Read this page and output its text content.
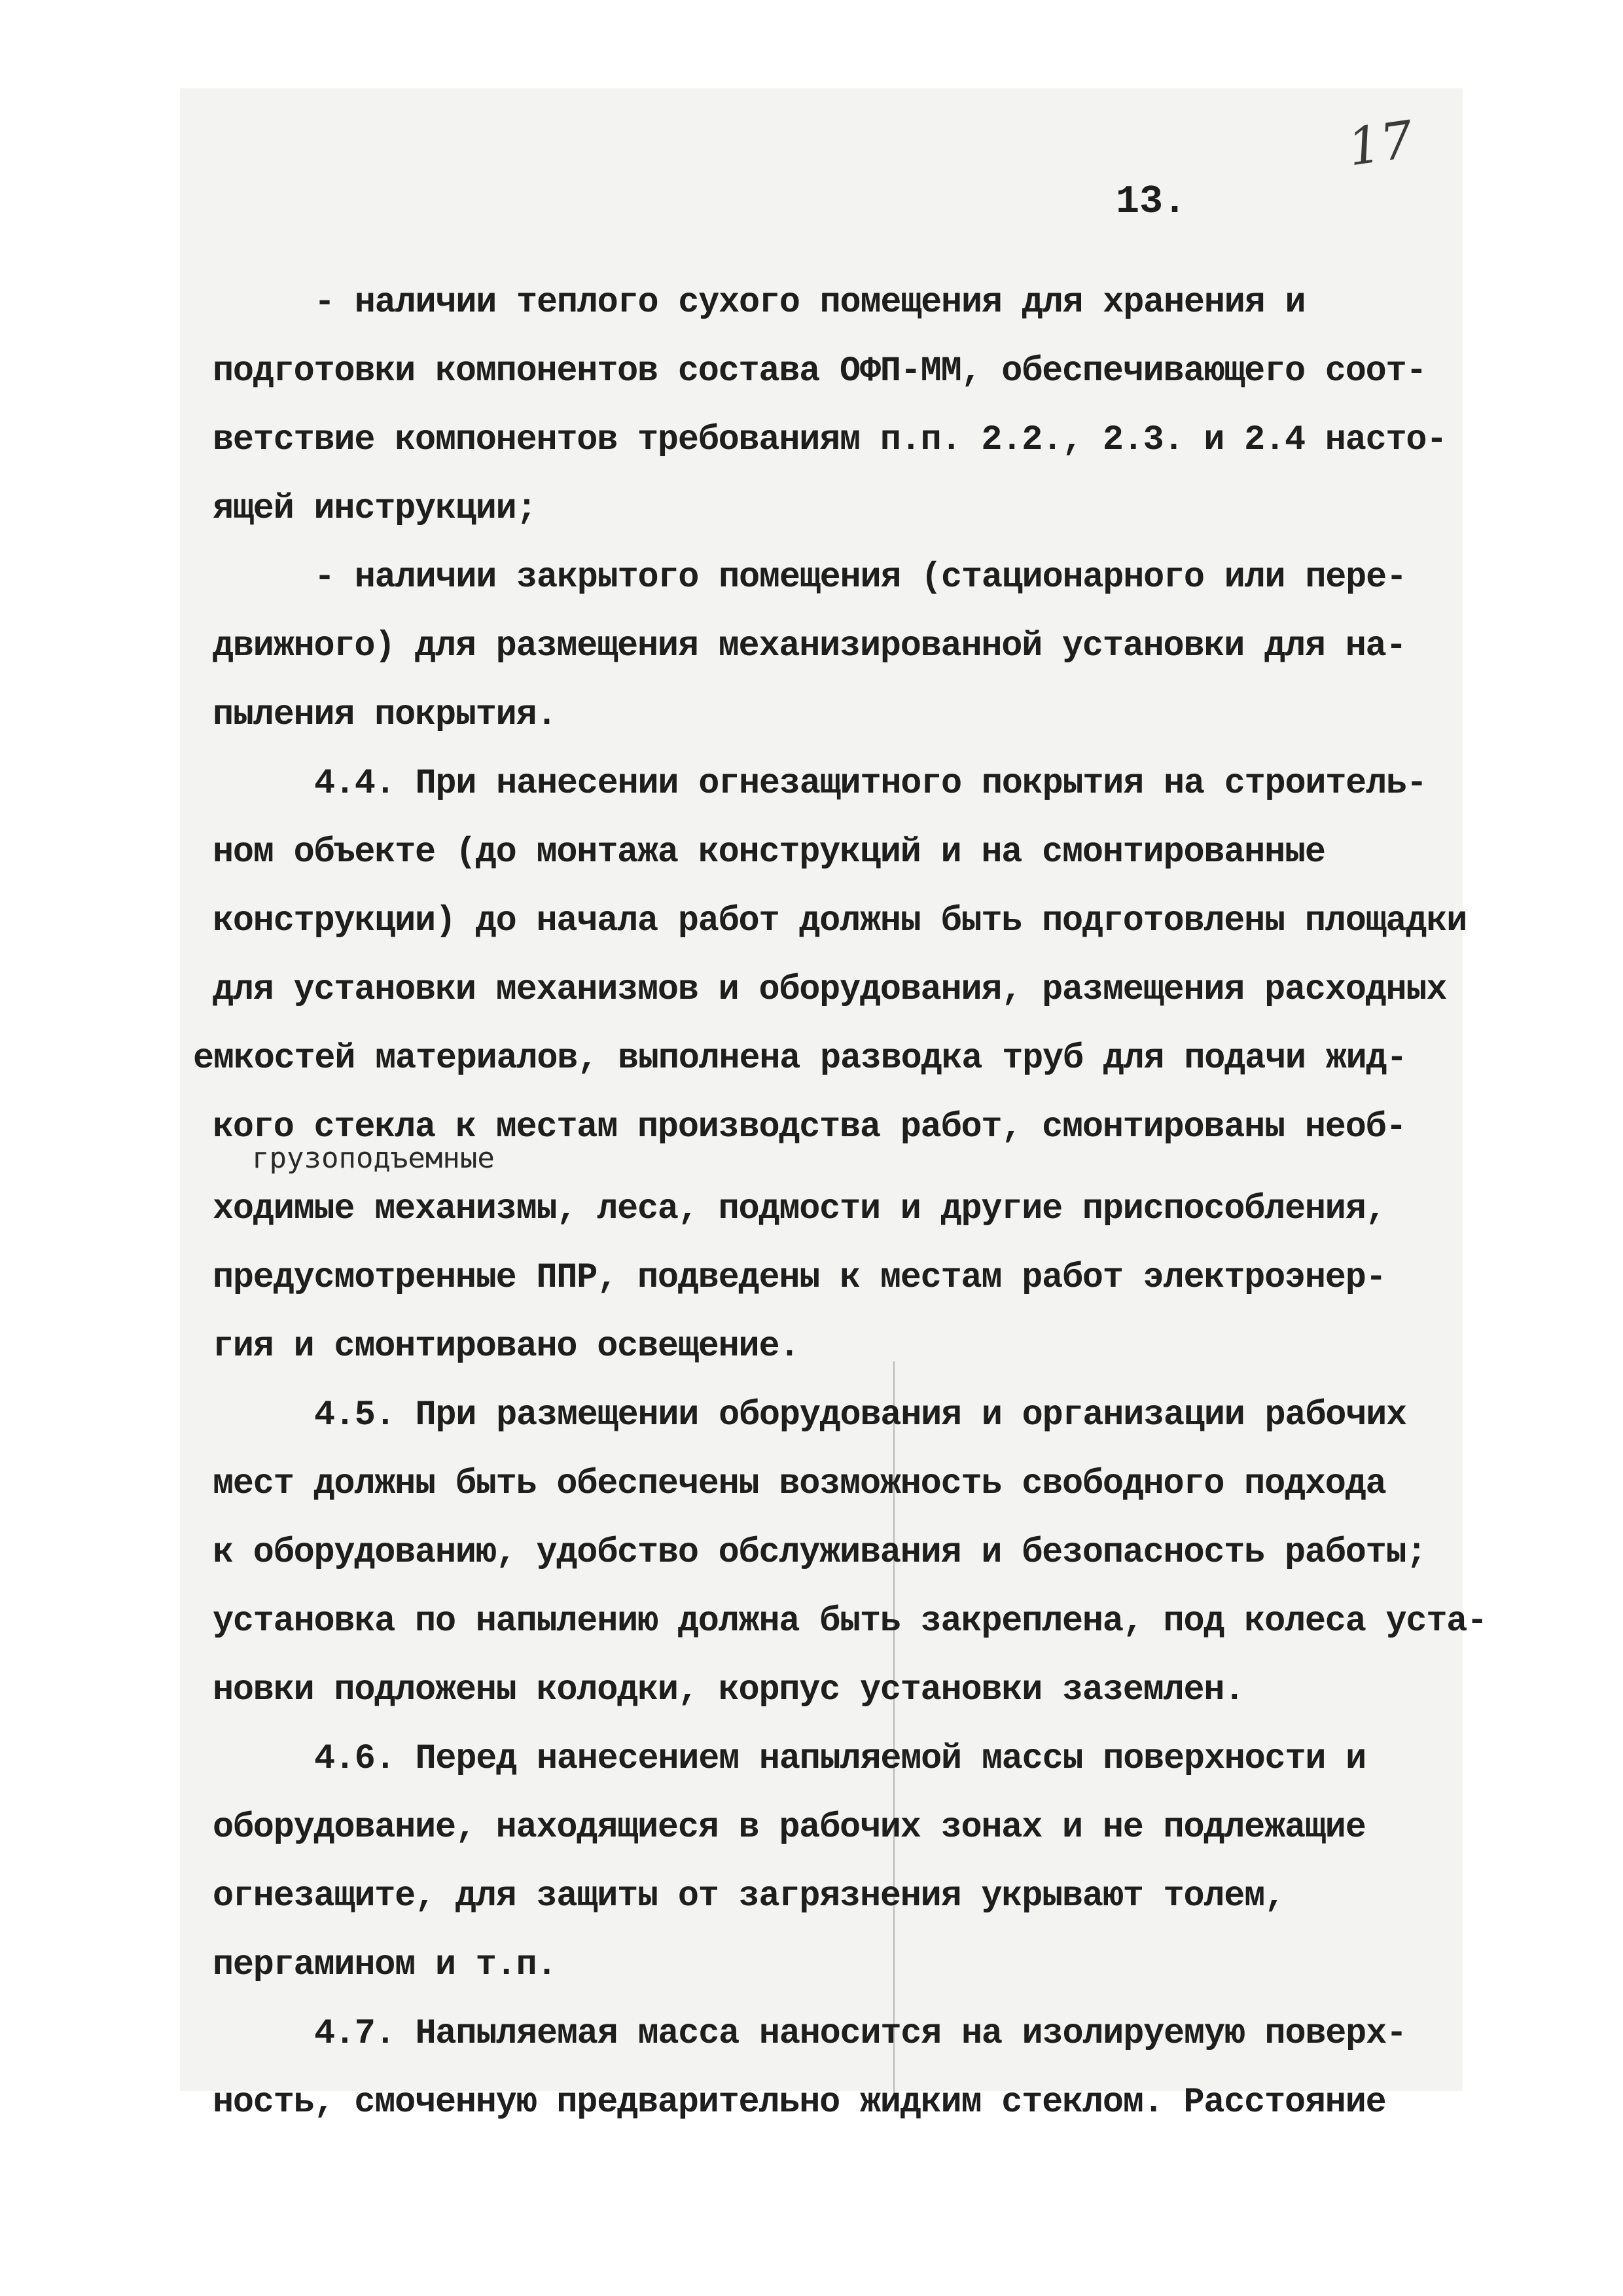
17
13.
- наличии теплого сухого помещения для хранения и
подготовки компонентов состава ОФП-ММ, обеспечивающего соот-
ветствие компонентов требованиям п.п. 2.2., 2.3. и 2.4 насто-
ящей инструкции;
- наличии закрытого помещения (стационарного или пере-
движного) для размещения механизированной установки для на-
пыления покрытия.
4.4. При нанесении огнезащитного покрытия на строитель-
ном объекте (до монтажа конструкций и на смонтированные
конструкции) до начала работ должны быть подготовлены площадки
для установки механизмов и оборудования, размещения расходных
емкостей материалов, выполнена разводка труб для подачи жид-
кого стекла к местам производства работ, смонтированы необ-
грузоподъемные
ходимые механизмы, леса, подмости и другие приспособления,
предусмотренные ППР, подведены к местам работ электроэнер-
гия и смонтировано освещение.
4.5. При размещении оборудования и организации рабочих
мест должны быть обеспечены возможность свободного подхода
к оборудованию, удобство обслуживания и безопасность работы;
установка по напылению должна быть закреплена, под колеса уста-
новки подложены колодки, корпус установки заземлен.
4.6. Перед нанесением напыляемой массы поверхности и
оборудование, находящиеся в рабочих зонах и не подлежащие
огнезащите, для защиты от загрязнения укрывают толем,
пергамином и т.п.
4.7. Напыляемая масса наносится на изолируемую поверх-
ность, смоченную предварительно жидким стеклом. Расстояние
